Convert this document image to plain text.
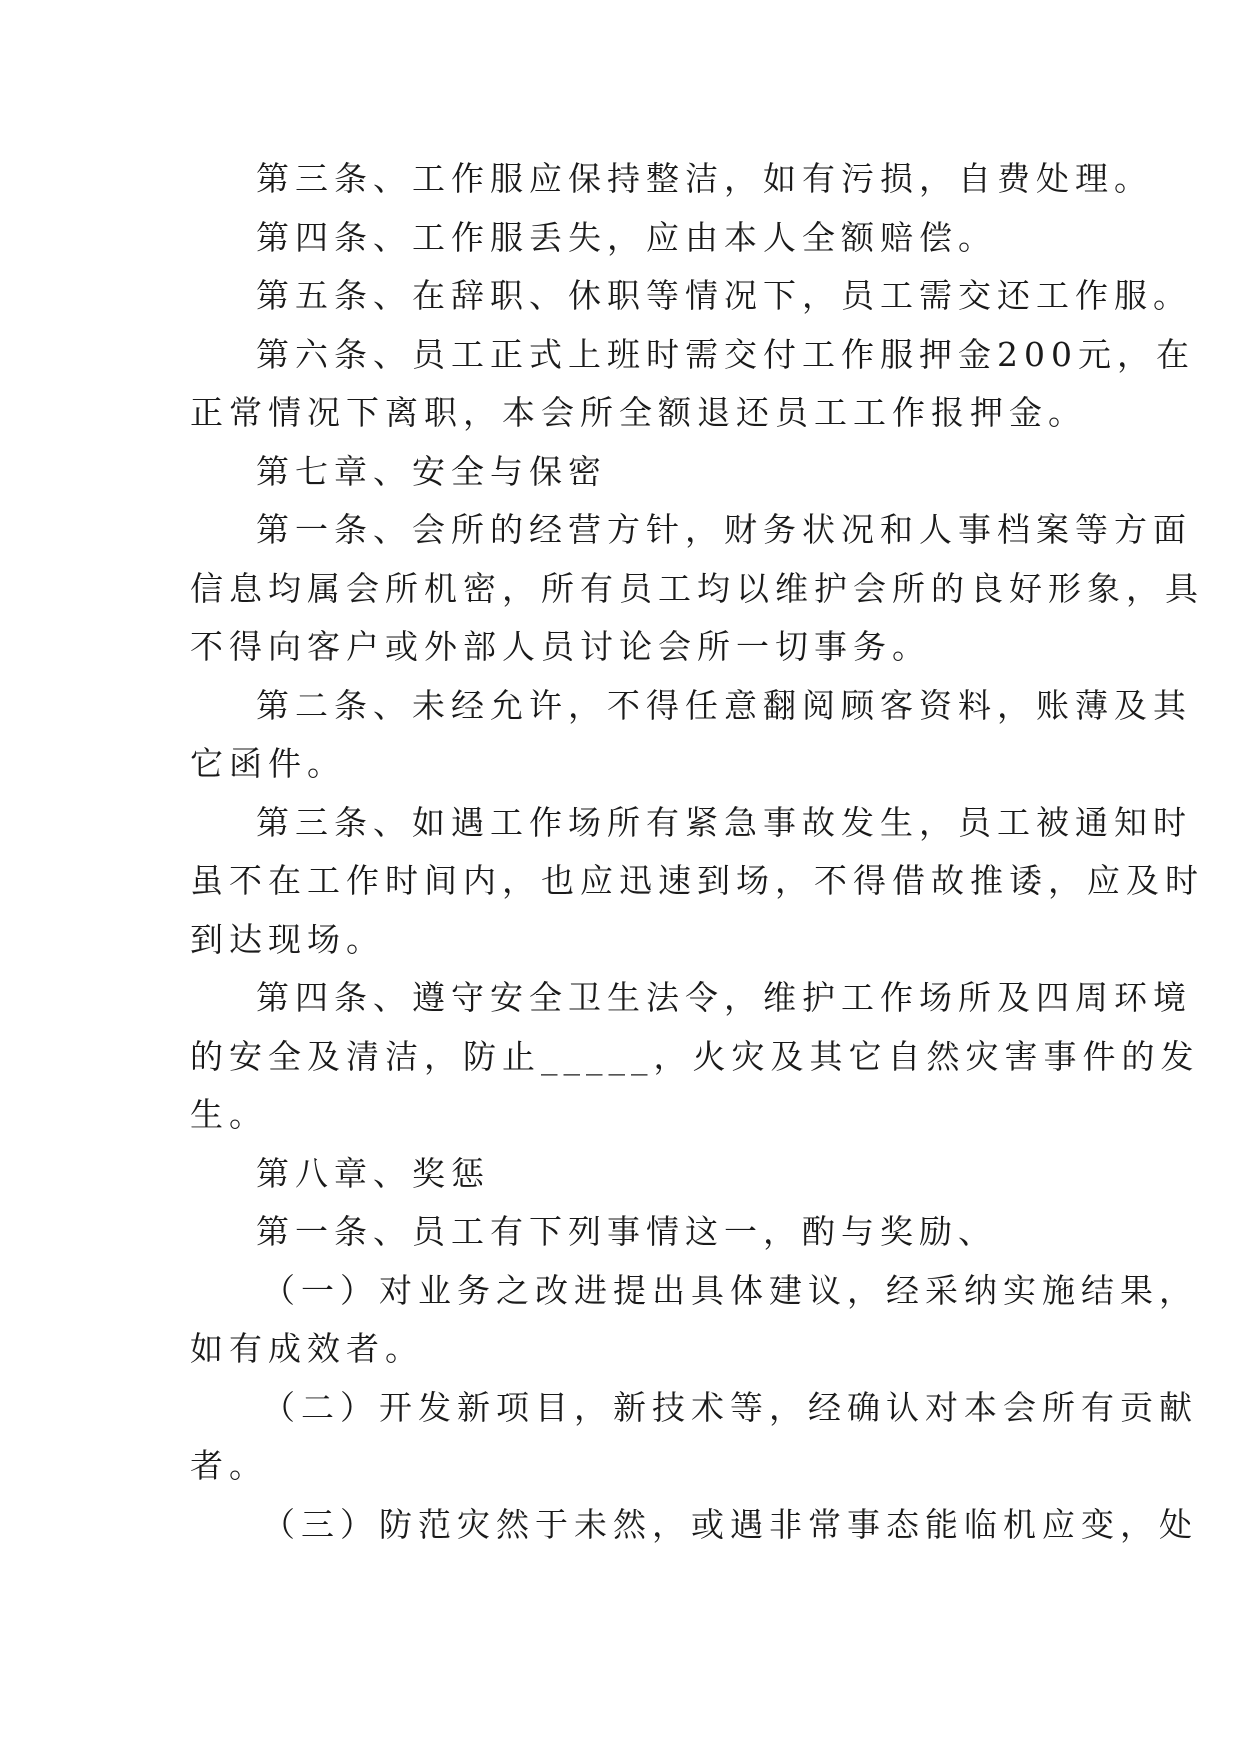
第三条、工作服应保持整洁，如有污损，自费处理。
第四条、工作服丢失，应由本人全额赔偿。
第五条、在辞职、休职等情况下，员工需交还工作服。
第六条、员工正式上班时需交付工作服押金200元，在
正常情况下离职，本会所全额退还员工工作报押金。
第七章、安全与保密
第一条、会所的经营方针，财务状况和人事档案等方面
信息均属会所机密，所有员工均以维护会所的良好形象，具
不得向客户或外部人员讨论会所一切事务。
第二条、未经允许，不得任意翻阅顾客资料，账薄及其
它函件。
第三条、如遇工作场所有紧急事故发生，员工被通知时
虽不在工作时间内，也应迅速到场，不得借故推诿，应及时
到达现场。
第四条、遵守安全卫生法令，维护工作场所及四周环境
的安全及清洁，防止_____，火灾及其它自然灾害事件的发
生。
第八章、奖惩
第一条、员工有下列事情这一，酌与奖励、
（一）对业务之改进提出具体建议，经采纳实施结果，
如有成效者。
（二）开发新项目，新技术等，经确认对本会所有贡献
者。
（三）防范灾然于未然，或遇非常事态能临机应变，处
